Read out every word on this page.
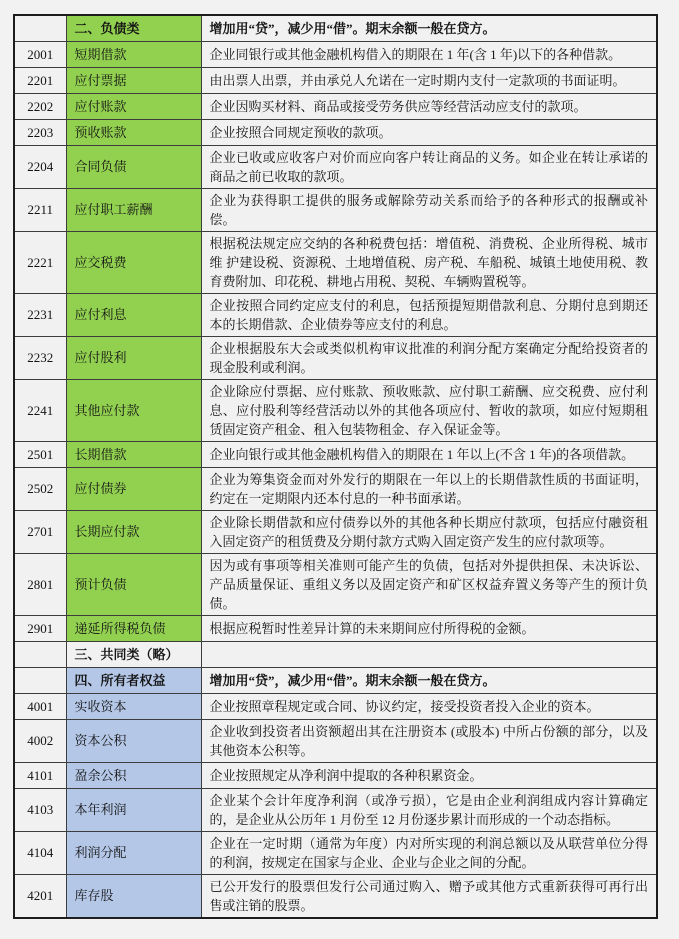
	二、负债类	增加用“贷”，减少用“借”。期末余额一般在贷方。
2001	短期借款	企业同银行或其他金融机构借入的期限在 1 年(含 1 年)以下的各种借款。
2201	应付票据	由出票人出票，并由承兑人允诺在一定时期内支付一定款项的书面证明。
2202	应付账款	企业因购买材料、商品或接受劳务供应等经营活动应支付的款项。
2203	预收账款	企业按照合同规定预收的款项。
2204	合同负债	企业已收或应收客户对价而应向客户转让商品的义务。如企业在转让承诺的商品之前已收取的款项。
2211	应付职工薪酬	企业为获得职工提供的服务或解除劳动关系而给予的各种形式的报酬或补偿。
2221	应交税费	根据税法规定应交纳的各种税费包括：增值税、消费税、企业所得税、城市维 护建设税、资源税、土地增值税、房产税、车船税、城镇土地使用税、教育费附加、印花税、耕地占用税、契税、车辆购置税等。
2231	应付利息	企业按照合同约定应支付的利息，包括预提短期借款利息、分期付息到期还本的长期借款、企业债券等应支付的利息。
2232	应付股利	企业根据股东大会或类似机构审议批准的利润分配方案确定分配给投资者的现金股利或利润。
2241	其他应付款	企业除应付票据、应付账款、预收账款、应付职工薪酬、应交税费、应付利息、应付股利等经营活动以外的其他各项应付、暂收的款项，如应付短期租赁固定资产租金、租入包装物租金、存入保证金等。
2501	长期借款	企业向银行或其他金融机构借入的期限在 1 年以上(不含 1 年)的各项借款。
2502	应付债券	企业为筹集资金而对外发行的期限在一年以上的长期借款性质的书面证明，约定在一定期限内还本付息的一种书面承诺。
2701	长期应付款	企业除长期借款和应付债券以外的其他各种长期应付款项，包括应付融资租入固定资产的租赁费及分期付款方式购入固定资产发生的应付款项等。
2801	预计负债	因为或有事项等相关准则可能产生的负债，包括对外提供担保、未决诉讼、产品质量保证、重组义务以及固定资产和矿区权益弃置义务等产生的预计负债。
2901	递延所得税负债	根据应税暂时性差异计算的未来期间应付所得税的金额。
	三、共同类（略）	
	四、所有者权益	增加用“贷”，减少用“借”。期末余额一般在贷方。
4001	实收资本	企业按照章程规定或合同、协议约定，接受投资者投入企业的资本。
4002	资本公积	企业收到投资者出资额超出其在注册资本 (或股本) 中所占份额的部分，以及其他资本公积等。
4101	盈余公积	企业按照规定从净利润中提取的各种积累资金。
4103	本年利润	企业某个会计年度净利润（或净亏损），它是由企业利润组成内容计算确定的，是企业从公历年 1 月份至 12 月份逐步累计而形成的一个动态指标。
4104	利润分配	企业在一定时期（通常为年度）内对所实现的利润总额以及从联营单位分得的利润，按规定在国家与企业、企业与企业之间的分配。
4201	库存股	已公开发行的股票但发行公司通过购入、赠予或其他方式重新获得可再行出售或注销的股票。
